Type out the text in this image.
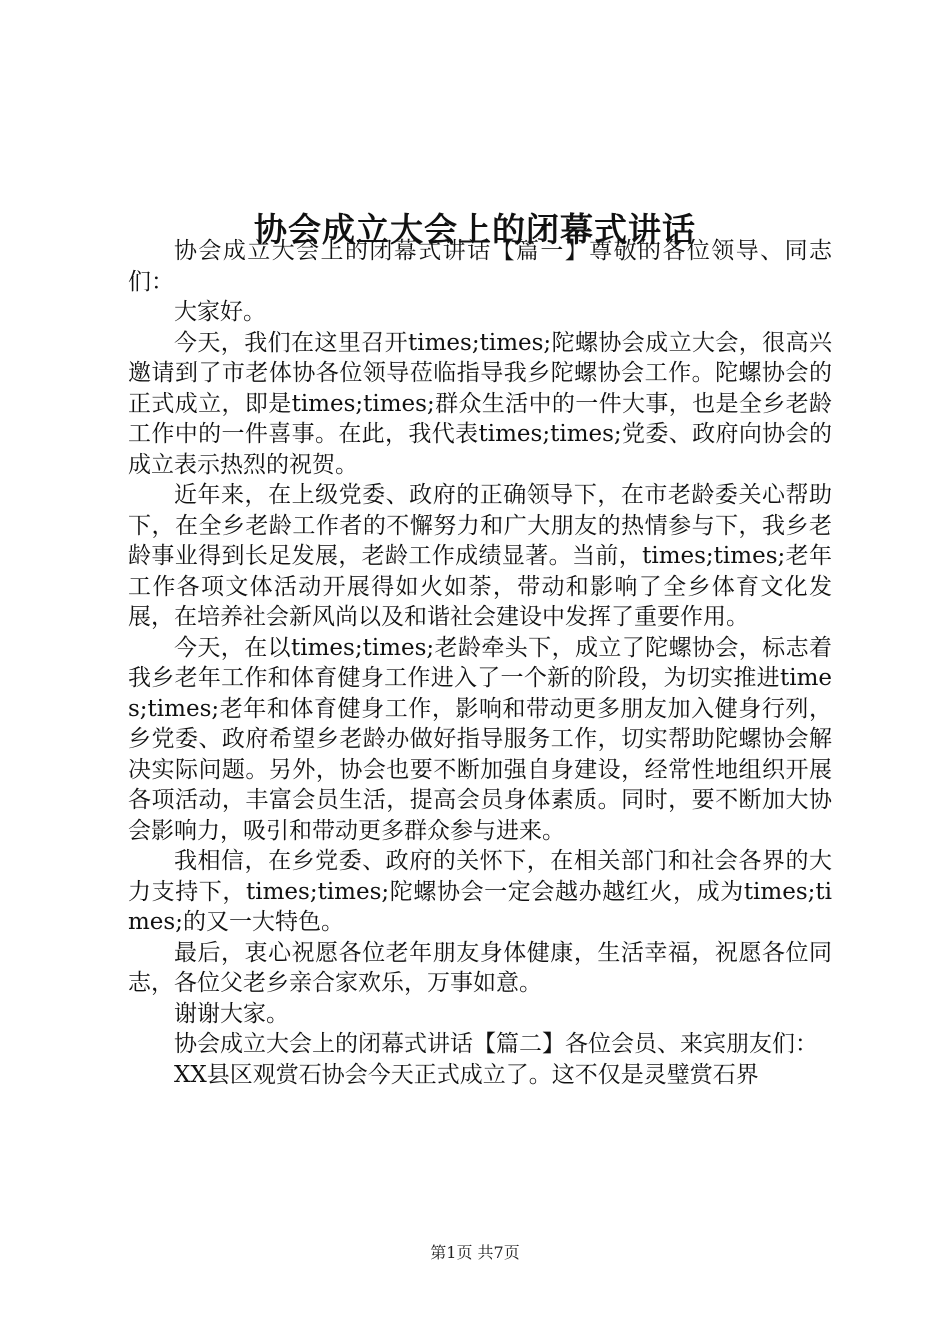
协会成立大会上的闭幕式讲话

协会成立大会上的闭幕式讲话【篇一】尊敬的各位领导、同志们：

大家好。

今天，我们在这里召开times;times;陀螺协会成立大会，很高兴邀请到了市老体协各位领导莅临指导我乡陀螺协会工作。陀螺协会的正式成立，即是times;times;群众生活中的一件大事，也是全乡老龄工作中的一件喜事。在此，我代表times;times;党委、政府向协会的成立表示热烈的祝贺。

近年来，在上级党委、政府的正确领导下，在市老龄委关心帮助下，在全乡老龄工作者的不懈努力和广大朋友的热情参与下，我乡老龄事业得到长足发展，老龄工作成绩显著。当前，times;times;老年工作各项文体活动开展得如火如荼，带动和影响了全乡体育文化发展，在培养社会新风尚以及和谐社会建设中发挥了重要作用。

今天，在以times;times;老龄牵头下，成立了陀螺协会，标志着我乡老年工作和体育健身工作进入了一个新的阶段，为切实推进times;times;老年和体育健身工作，影响和带动更多朋友加入健身行列，乡党委、政府希望乡老龄办做好指导服务工作，切实帮助陀螺协会解决实际问题。另外，协会也要不断加强自身建设，经常性地组织开展各项活动，丰富会员生活，提高会员身体素质。同时，要不断加大协会影响力，吸引和带动更多群众参与进来。

我相信，在乡党委、政府的关怀下，在相关部门和社会各界的大力支持下，times;times;陀螺协会一定会越办越红火，成为times;times;的又一大特色。

最后，衷心祝愿各位老年朋友身体健康，生活幸福，祝愿各位同志，各位父老乡亲合家欢乐，万事如意。

谢谢大家。

协会成立大会上的闭幕式讲话【篇二】各位会员、来宾朋友们：

XX县区观赏石协会今天正式成立了。这不仅是灵璧赏石界

第1页 共7页
